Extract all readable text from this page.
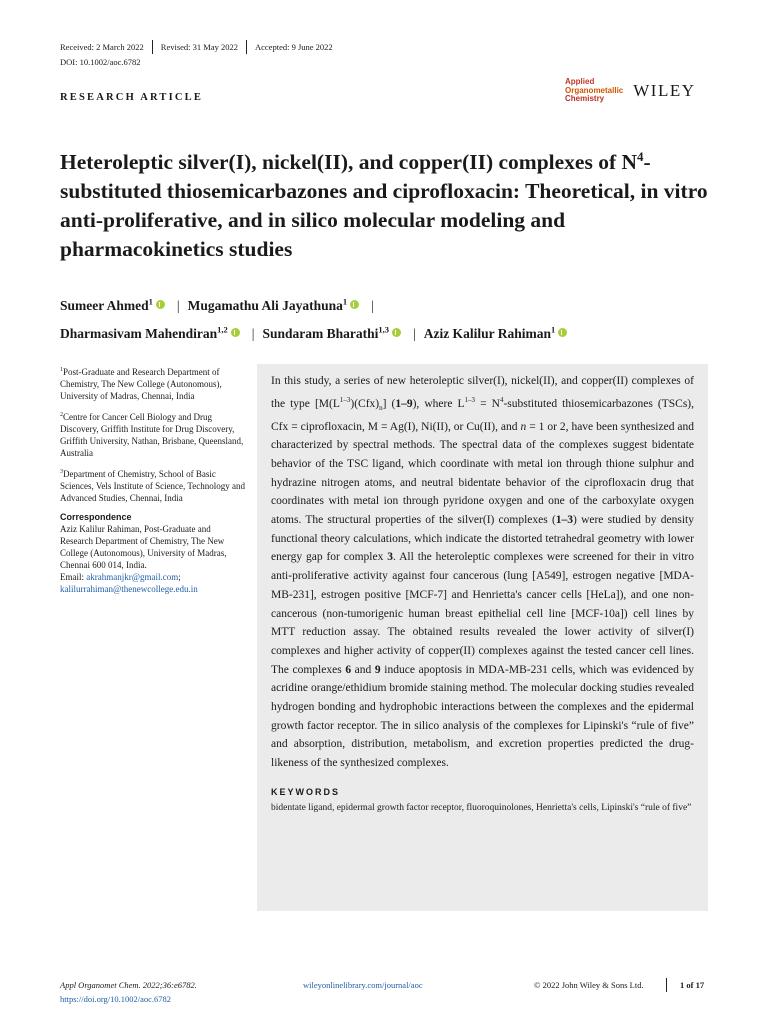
Received: 2 March 2022	Revised: 31 May 2022	Accepted: 9 June 2022
DOI: 10.1002/aoc.6782
Applied
Organometallic
Chemistry	WILEY
RESEARCH ARTICLE
Heteroleptic silver(I), nickel(II), and copper(II) complexes of $N^4$-substituted thiosemicarbazones and ciprofloxacin: Theoretical, in vitro anti-proliferative, and in silico molecular modeling and pharmacokinetics studies
Sumeer Ahmed$^1$ | Mugamathu Ali Jayathuna$^1$ |
Dharmasivam Mahendiran$^{1,2}$ | Sundaram Bharathi$^{1,3}$ | Aziz Kalilur Rahiman$^1$

$^1$Post-Graduate and Research Department of Chemistry, The New College (Autonomous), University of Madras, Chennai, India

$^2$Centre for Cancer Cell Biology and Drug Discovery, Griffith Institute for Drug Discovery, Griffith University, Nathan, Brisbane, Queensland, Australia

$^3$Department of Chemistry, School of Basic Sciences, Vels Institute of Science, Technology and Advanced Studies, Chennai, India

Correspondence
Aziz Kalilur Rahiman, Post-Graduate and Research Department of Chemistry, The New College (Autonomous), University of Madras, Chennai 600 014, India.
Email: akrahmanjkr@gmail.com;
kalilurrahiman@thenewcollege.edu.in

In this study, a series of new heteroleptic silver(I), nickel(II), and copper(II) complexes of the type $[M(L^{1-3})(Cfx)_n]$ (1–9), where $L^{1-3}$ = $N^4$-substituted thiosemicarbazones (TSCs), Cfx = ciprofloxacin, M = Ag(I), Ni(II), or Cu(II), and n = 1 or 2, have been synthesized and characterized by spectral methods. The spectral data of the complexes suggest bidentate behavior of the TSC ligand, which coordinate with metal ion through thione sulphur and hydrazine nitrogen atoms, and neutral bidentate behavior of the ciprofloxacin drug that coordinates with metal ion through pyridone oxygen and one of the carboxylate oxygen atoms. The structural properties of the silver(I) complexes (1–3) were studied by density functional theory calculations, which indicate the distorted tetrahedral geometry with lower energy gap for complex 3. All the heteroleptic complexes were screened for their in vitro anti-proliferative activity against four cancerous (lung [A549], estrogen negative [MDA-MB-231], estrogen positive [MCF-7] and Henrietta's cancer cells [HeLa]), and one non-cancerous (non-tumorigenic human breast epithelial cell line [MCF-10a]) cell lines by MTT reduction assay. The obtained results revealed the lower activity of silver(I) complexes and higher activity of copper(II) complexes against the tested cancer cell lines. The complexes 6 and 9 induce apoptosis in MDA-MB-231 cells, which was evidenced by acridine orange/ethidium bromide staining method. The molecular docking studies revealed hydrogen bonding and hydrophobic interactions between the complexes and the epidermal growth factor receptor. The in silico analysis of the complexes for Lipinski's “rule of five” and absorption, distribution, metabolism, and excretion properties predicted the drug-likeness of the synthesized complexes.

KEYWORDS
bidentate ligand, epidermal growth factor receptor, fluoroquinolones, Henrietta's cells, Lipinski's “rule of five”
Appl Organomet Chem. 2022;36:e6782.
https://doi.org/10.1002/aoc.6782
wileyonlinelibrary.com/journal/aoc	© 2022 John Wiley & Sons Ltd.	1 of 17
